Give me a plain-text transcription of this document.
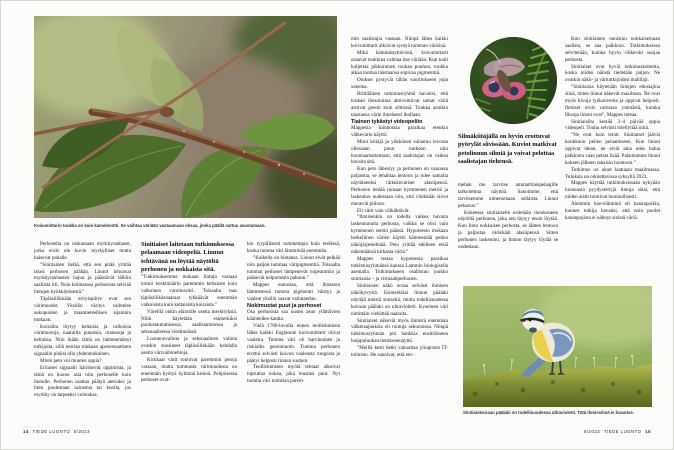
Koivumittarin toukka on kuin kameleontti. Se vaihtaa väriään vastaamaan oksaa, jonka päällä sattuu asustamaan.

Perhosella on niskassaan myrkkyrauhaset, jotka eivät ole kovin myrkylliset mutta haisevat pahalle.

”Sinitiainen tietää, että sen pitää yrittää iskeä perhosen päähän. Linnut inhoavat myrkkyrauhasten hajua ja päästävät tällöin saaliista irti. Noin kolmasosa perhosista selviää lintujen hyökkäyksestä.”

Täpläsiilikkään erityispiirre ovat sen värimuodot. Yksilön väritys vaihtelee sukupuolen ja maantieteellisen sijainnin mukaan.

Koirailta löytyy keltaisia ja valkoisia värimuotoja, naarailta punaisia, oransseja ja keltaisia. Niin ikään tämä on hämmentänyt tutkijoita, sillä teorian mukaan aposemaattisen signaalin pitäisi olla yhdenmukainen.

Miten peto voi muuten oppia?

Erilaiset signaalit häiritsevät oppimista, ja tämä on huono asia niin perhoselle kuin linnulle. Perhonen saattaa päätyä ateriaksi ja lintu puolestaan sairastua tai kuolla, jos myrkky on tarpeeksi voimakas.

Sinitiaiset laitetaan tutkimuksessa pelaamaan videopeliä. Linnun tehtävänä on löytää näytöltä perhonen ja nokkaista sitä.

”Tutkimuksemme mukaan lintuja vastaan toimii keskimäärin paremmin keltainen kuin valkoinen varoitusväri. Toisaalta taas täpläsiilikäsnaaraat tykkäävät enemmän valkoisista kuin keltaisista koiraista.”

Väreillä onkin eläimille useita merkityksiä. Niitä käytetään esimerkiksi puolustautumisessa, saalistamisessa ja seksuaalisessa viestinnässä.

Luonnonvalinta ja seksuaalinen valinta ovatkin suosineet täpläsiilikkään kohdalla useita värivaihtoehtoja.

Kirkkaat värit toimivat paremmin petoja vastaan, mutta tummasta värimuodosta on enemmän hyötyä kylminä kesinä. Pohjoisessa perhoset ovat-

kin tyypillisesti tummempia kuin etelässä, koska tumma väri lämmittää enemmän.

”Kaikella on hintansa. Linnut eivät pelkää niin paljon tummaa väripigmenttiä. Toisaalta tummat perhoset lämpenevät nopeammin ja pääsevät helpommin pakoon.”

Mappes ennustaa, että ilmaston lämmetessä tumma pigmentti väistyy ja vaaleat yksilöt saavat valintaedun.

Nokimustat puut ja perhoset

Osa perhosista saa uuden asun yllättävien käänteiden kautta.

Vielä 1700-luvulla ennen teollistumista lähes kaikki Englannin koivumittarit olivat vaaleita. Tumma väri oli harvinainen ja riskialtis geenimuoto. Tumma perhonen erottui selvästi koivun vaaleasta rungosta ja päätyi helposti linnun suuhun.

Teollistumisen myötä tehtaat alkoivat tupruttaa nokea, joka mustasi puut. Nyt tumma väri toimikin parem-

14 TIEDE LUONTO 5/2023

min saalistajia vastaan. Niinpä lähes kaikki koivumittarit alkoivat syntyä tumman värisinä.

Mikä hämmästyttävintä, koivumittarit osaavat toukkina vaihtaa itse väriään. Kun tuuli kuljettaa pikkuruisen toukan puuhun, toukka alkaa tuottaa taustaansa sopivaa pigmenttiä.

Otukset pystyvät tähän suoritukseen jopa sokeina.

Brittiläinen tutkimusryhmä havaitsi, että toukan ihosoluissa aktivoituivat samat väriä aistivat geenit kuin silmissä. Toukka aistikin taustansa värin ilmeisesti ihollaan.

Tiainen tykästyi videopeliin

Mappesia kiinnostaa paraikaa etenkin välkevärin käyttö.

Moni kiitäjä ja yökkönen sulautuu levossa ollessaan puun runkoon niin huomaamattomasti, että saalistajan on vaikea havaita sitä.

Kun peto lähestyy ja perhonen on vaarassa paljastua, se lehahtaa lentoon ja tulee samalla näyttäneeksi räikeänväriset alasiipensä. Perhonen lentää runsaat kymmenen metriä ja laskeutuu uudestaan niin, että värikkäät siivet menevät piiloon.

Eli värit vain välkähtävät.

”Ihmisenkin on todella vaikea havaita laskeutunutta perhosta, vaikka se olisi vain kymmenen sentin päässä. Hypoteesin mukaan hetkellinen värien käyttö hämmentää pedon näköjärjestelmää. Peto yrittää edelleen etsiä näkemäänsä kirkasta väriä.”

Mappes testaa hypoteesia paraikaa tutkimusryhmänsä kanssa Lammin biologisella asemalla. Tutkimukseen osallistuu joukko sinitiaisia – ja virtuaaliperhonen.

Sinitiaisen näkö eroaa selvästi ihmisen näkökyvystä. Esimerkiksi linnun päälaki näyttää meistä siniseltä, mutta todellisuudessa koiraan päälaki on ultravioletti. Kyseinen väri nimittäin viehättää naaraita.

Sinitiaiset näkevät myös ihmistä enemmän välketaajuuksia eli ruutuja sekunnissa. Niinpä tutkimusryhmän piti hankkia ensitöikseen huippuluokan tietokonenäyttö.

”Meillä kesti hetki vakuuttaa yliopiston IT-toimisto. He sanoivat, että em-

Silmäkiitäjällä on hyvin erottuvat pyörylät siivissään. Kuviot matkivat petolinnun silmiä ja voivat pelottaa saalistajan tiehensä.

mehän me tarvitse ammattilaispelaajille tarkoitettua näyttöä. Sanoimme, että tarvitsemme nimenomaan sellaista. Linnut pelaavat.”

Kokeessa sinitiaiselle esitetään tietokoneen näytöltä perhonen, joka sen täytyy ensin löytää. Kun lintu nokkaisee perhosta, se lähtee lentoon ja paljastaa värikkäät alasiipensä. Sitten perhonen laskeutuu, ja linnun täytyy löytää se uudestaan.

Kun sinitiainen onnistuu nokkaisemaan saalista, se saa palkkion. Tutkimuksessa selvitetään, kuinka hyvin välkeväri suojaa perhosta.

Sinitiaiset ovat hyviä tutkimuskohteita, koska niiden näöstä tiedetään paljon. Ne ovatkin näkö- ja väritutkijoiden mallilaji.

”Sinitiaisia käytetään lintujen edustajina siinä, miten linnut näkevät maailman. Ne ovat myös kivoja työkavereita ja oppivat helposti. Ihmiset eivät varmaan ymmärrä, kuinka fiksuja linnut ovat”, Mappes toteaa.

Sinitiaisilta kestää 3–4 päivää oppia videopeli. Touhu selvästi miellyttää niitä.

”Ne ovat kuin teinit. Sinitiaiset jäävät koukkuun pelien pelaamiseen. Kun linnut oppivat idean, ne eivät aina edes halua palkkiota vaan pelata lisää. Palautamme linnut kokeen jälkeen takaisin luontoon.”

Tutkimus on ainut laatuaan maailmassa. Tuloksia on odotettavissa syksyllä 2023.

Mappes käyttää tutkimuksissaan nykyään luonnosta pyydystettyjä lintuja siksi, että niiden aistit toimivat luonnollisesti.

Aiemmin koe-eläiminä oli kananpoikia, kunnes tutkija havaitsi, että noin puolet kananpojista ei nähnyt sinistä väriä.

Sinitiaiskoiraan päälaki on todellisuudessa ultravioletti. Tätä ihmissilmä ei havaitse.
5/2023 TIEDE LUONTO 15
